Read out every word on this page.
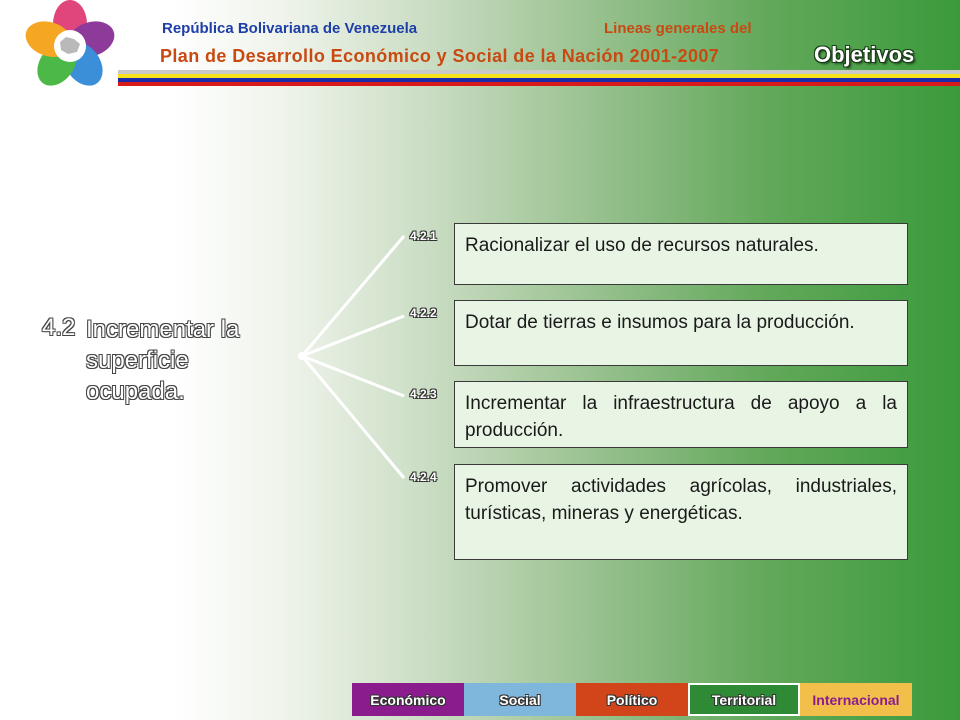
República Bolivariana de Venezuela	Lineas generales del
Plan de Desarrollo Económico y Social de la Nación 2001-2007	Objetivos
4.2 Incrementar la superficie ocupada.
4.2.1	Racionalizar el uso de recursos naturales.
4.2.2	Dotar de tierras e insumos para la producción.
4.2.3	Incrementar la infraestructura de apoyo a la producción.
4.2.4	Promover actividades agrícolas, industriales, turísticas, mineras y energéticas.
Económico	Social	Político	Territorial	Internacional
